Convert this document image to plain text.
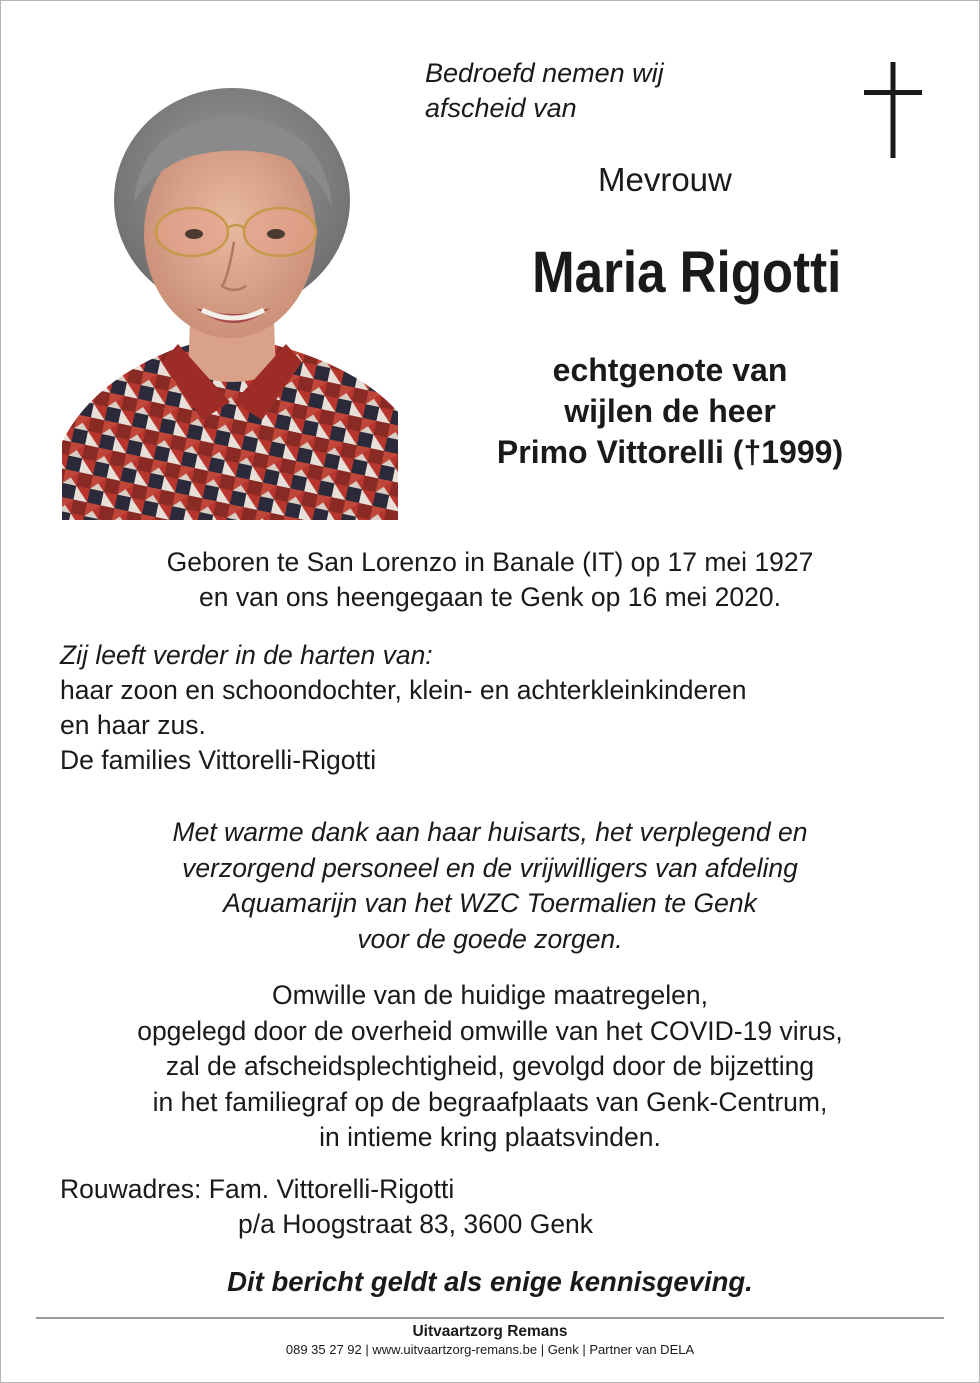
Bedroefd nemen wij
afscheid van
Mevrouw
Maria Rigotti
echtgenote van
wijlen de heer
Primo Vittorelli (†1999)
Geboren te San Lorenzo in Banale (IT) op 17 mei 1927
en van ons heengegaan te Genk op 16 mei 2020.
Zij leeft verder in de harten van:
haar zoon en schoondochter, klein- en achterkleinkinderen
en haar zus.
De families Vittorelli-Rigotti
Met warme dank aan haar huisarts, het verplegend en
verzorgend personeel en de vrijwilligers van afdeling
Aquamarijn van het WZC Toermalien te Genk
voor de goede zorgen.
Omwille van de huidige maatregelen,
opgelegd door de overheid omwille van het COVID-19 virus,
zal de afscheidsplechtigheid, gevolgd door de bijzetting
in het familiegraf op de begraafplaats van Genk-Centrum,
in intieme kring plaatsvinden.
Rouwadres: Fam. Vittorelli-Rigotti
p/a Hoogstraat 83, 3600 Genk
Dit bericht geldt als enige kennisgeving.
Uitvaartzorg Remans
089 35 27 92 | www.uitvaartzorg-remans.be | Genk | Partner van DELA
